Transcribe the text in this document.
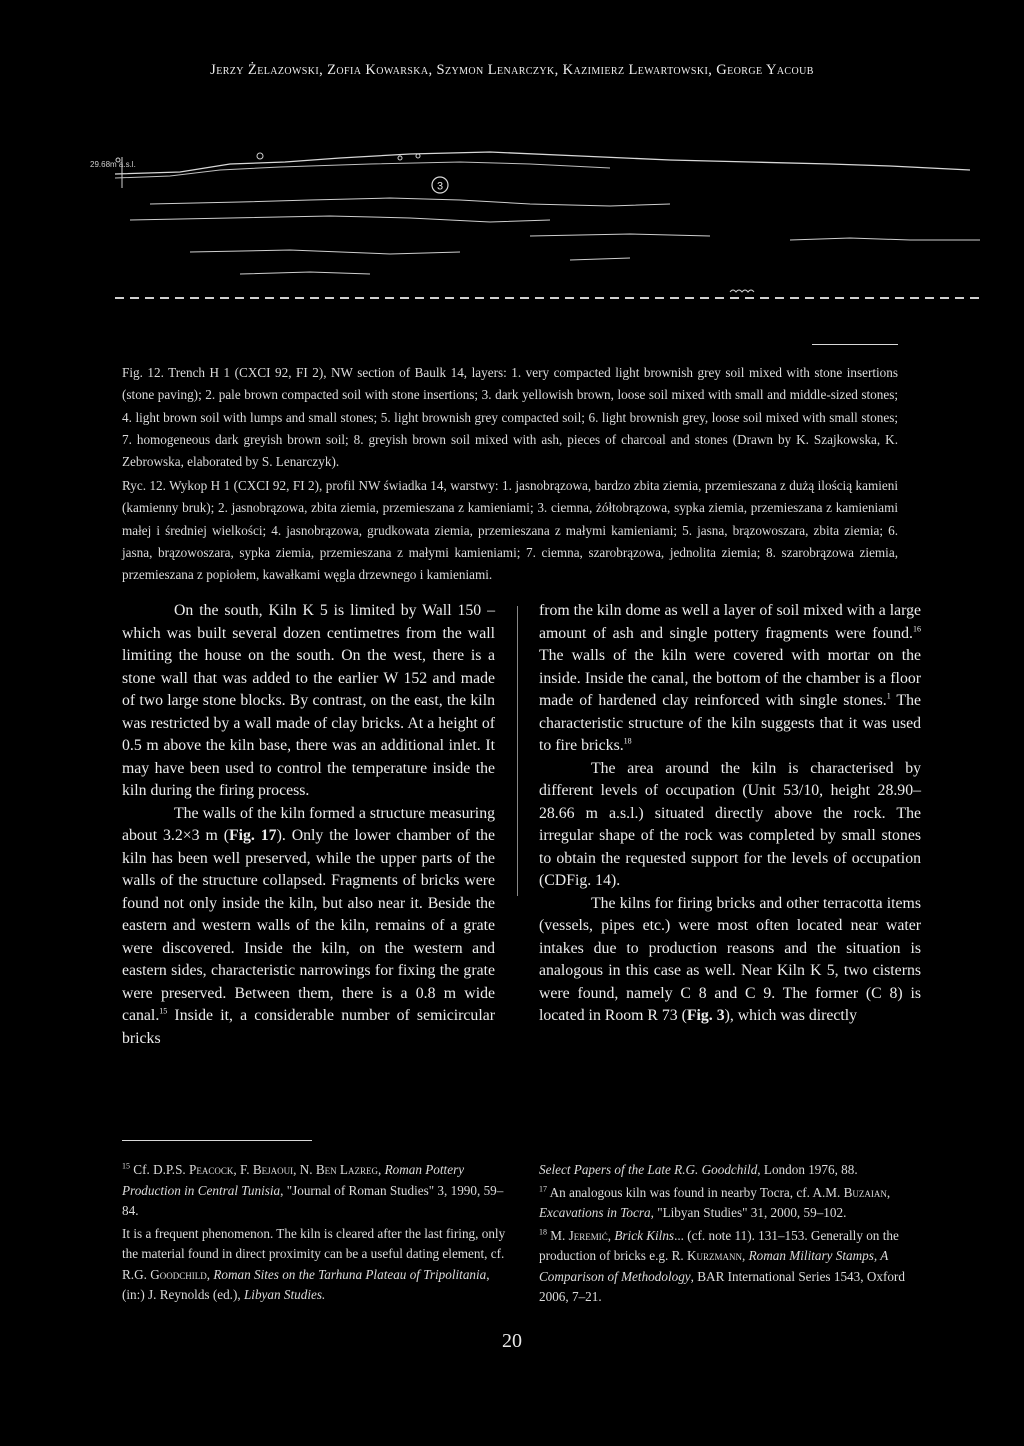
Jerzy Żelazowski, Zofia Kowarska, Szymon Lenarczyk, Kazimierz Lewartowski, George Yacoub
29.68m a.s.l.
3
Fig. 12. Trench H 1 (CXCI 92, FI 2), NW section of Baulk 14, layers: 1. very compacted light brownish grey soil mixed with stone insertions (stone paving); 2. pale brown compacted soil with stone insertions; 3. dark yellowish brown, loose soil mixed with small and middle-sized stones; 4. light brown soil with lumps and small stones; 5. light brownish grey compacted soil; 6. light brownish grey, loose soil mixed with small stones; 7. homogeneous dark greyish brown soil; 8. greyish brown soil mixed with ash, pieces of charcoal and stones (Drawn by K. Szajkowska, K. Zebrowska, elaborated by S. Lenarczyk).
Ryc. 12. Wykop H 1 (CXCI 92, FI 2), profil NW świadka 14, warstwy: 1. jasnobrązowa, bardzo zbita ziemia, przemieszana z dużą ilością kamieni (kamienny bruk); 2. jasnobrązowa, zbita ziemia, przemieszana z kamieniami; 3. ciemna, żółtobrązowa, sypka ziemia, przemieszana z kamieniami małej i średniej wielkości; 4. jasnobrązowa, grudkowata ziemia, przemieszana z małymi kamieniami; 5. jasna, brązowoszara, zbita ziemia; 6. jasna, brązowoszara, sypka ziemia, przemieszana z małymi kamieniami; 7. ciemna, szarobrązowa, jednolita ziemia; 8. szarobrązowa ziemia, przemieszana z popiołem, kawałkami węgla drzewnego i kamieniami.

On the south, Kiln K 5 is limited by Wall 150 – which was built several dozen centimetres from the wall limiting the house on the south. On the west, there is a stone wall that was added to the earlier W 152 and made of two large stone blocks. By contrast, on the east, the kiln was restricted by a wall made of clay bricks. At a height of 0.5 m above the kiln base, there was an additional inlet. It may have been used to control the temperature inside the kiln during the firing process.

The walls of the kiln formed a structure measuring about 3.2×3 m (Fig. 17). Only the lower chamber of the kiln has been well preserved, while the upper parts of the walls of the structure collapsed. Fragments of bricks were found not only inside the kiln, but also near it. Beside the eastern and western walls of the kiln, remains of a grate were discovered. Inside the kiln, on the western and eastern sides, characteristic narrowings for fixing the grate were preserved. Between them, there is a 0.8 m wide canal.$^{15}$ Inside it, a considerable number of semicircular bricks

from the kiln dome as well a layer of soil mixed with a large amount of ash and single pottery fragments were found.$^{16}$ The walls of the kiln were covered with mortar on the inside. Inside the canal, the bottom of the chamber is a floor made of hardened clay reinforced with single stones.$^1$ The characteristic structure of the kiln suggests that it was used to fire bricks.$^{18}$

The area around the kiln is characterised by different levels of occupation (Unit 53/10, height 28.90– 28.66 m a.s.l.) situated directly above the rock. The irregular shape of the rock was completed by small stones to obtain the requested support for the levels of occupation (CDFig. 14).

The kilns for firing bricks and other terracotta items (vessels, pipes etc.) were most often located near water intakes due to production reasons and the situation is analogous in this case as well. Near Kiln K 5, two cisterns were found, namely C 8 and C 9. The former (C 8) is located in Room R 73 (Fig. 3), which was directly

$^{15}$ Cf. D.P.S. Peacock, F. Bejaoui, N. Ben Lazreg, Roman Pottery Production in Central Tunisia, "Journal of Roman Studies" 3, 1990, 59–84.

It is a frequent phenomenon. The kiln is cleared after the last firing, only the material found in direct proximity can be a useful dating element, cf. R.G. Goodchild, Roman Sites on the Tarhuna Plateau of Tripolitania, (in:) J. Reynolds (ed.), Libyan Studies.

Select Papers of the Late R.G. Goodchild, London 1976, 88.

$^{17}$ An analogous kiln was found in nearby Tocra, cf. A.M. Buzaian, Excavations in Tocra, "Libyan Studies" 31, 2000, 59–102.

$^{18}$ M. Jeremić, Brick Kilns... (cf. note 11). 131–153. Generally on the production of bricks e.g. R. Kurzmann, Roman Military Stamps, A Comparison of Methodology, BAR International Series 1543, Oxford 2006, 7–21.

20
